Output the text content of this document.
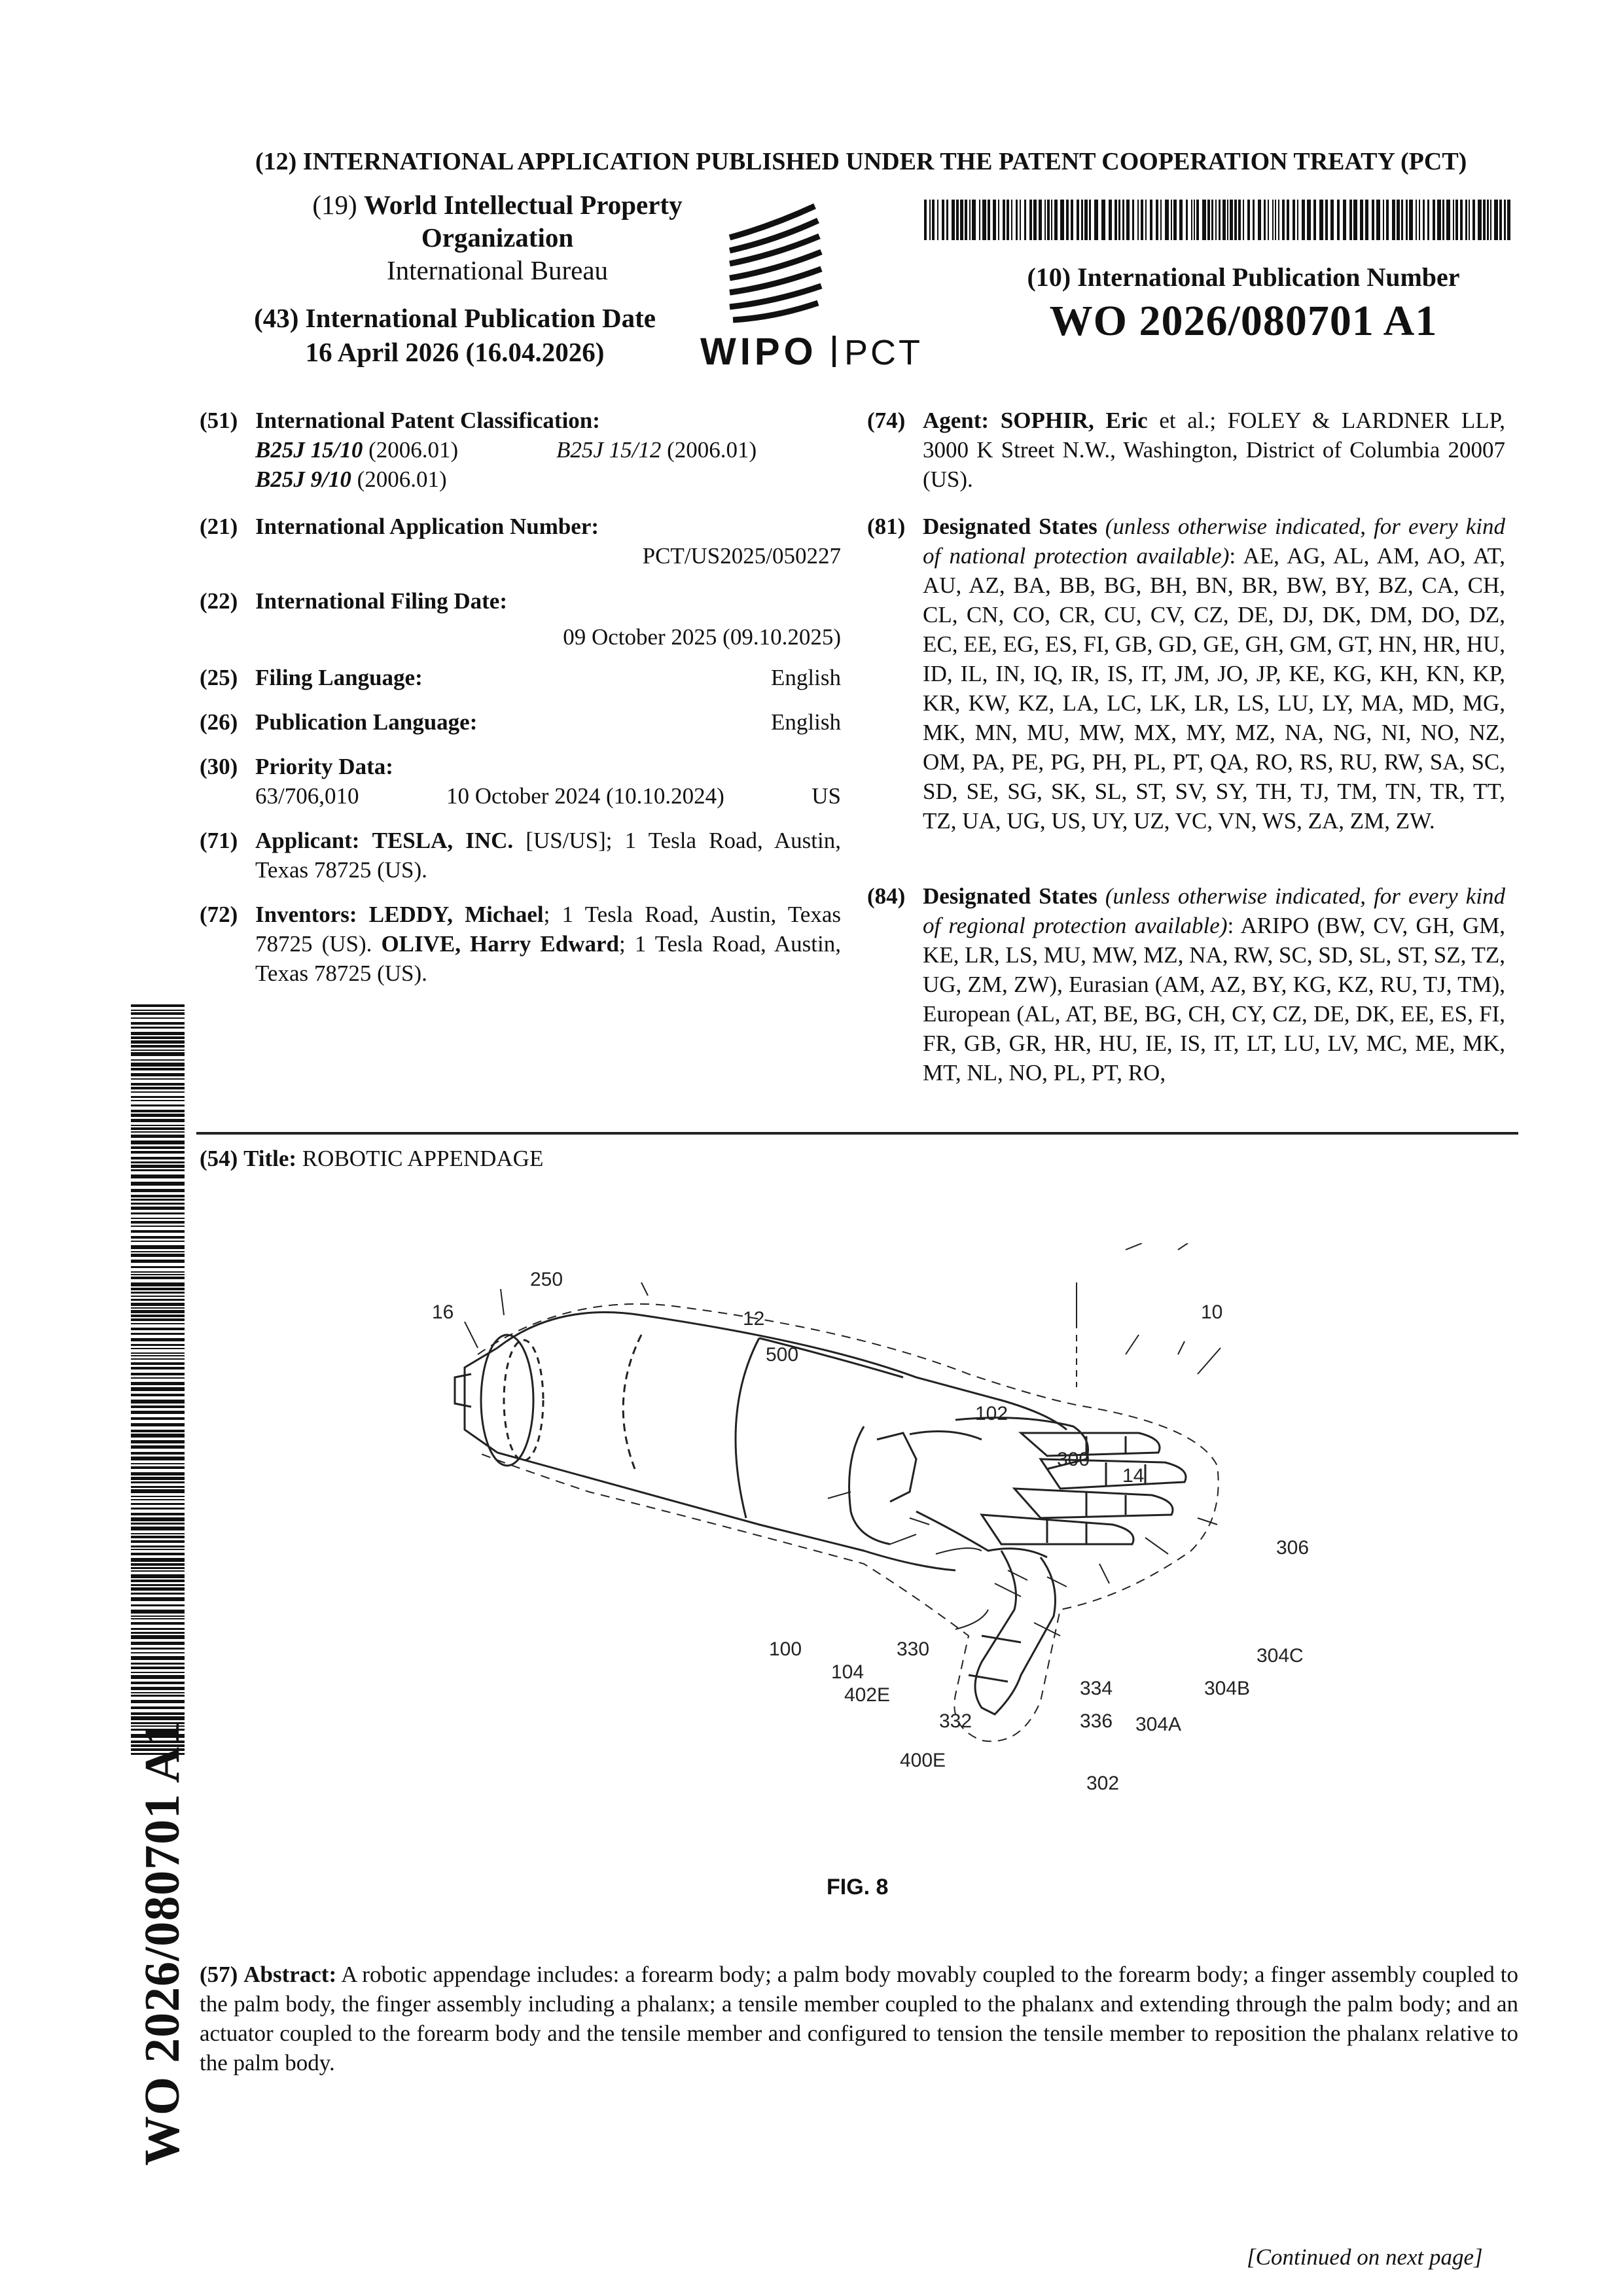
(12) INTERNATIONAL APPLICATION PUBLISHED UNDER THE PATENT COOPERATION TREATY (PCT)
(19) World Intellectual Property
Organization
International Bureau
(43) International Publication Date
16 April 2026 (16.04.2026)	WIPO PCT
(10) International Publication Number
WO 2026/080701 A1
(51) International Patent Classification:
B25J 15/10 (2006.01)	B25J 15/12 (2006.01)
B25J 9/10 (2006.01)
(21) International Application Number:
PCT/US2025/050227
(22) International Filing Date:
09 October 2025 (09.10.2025)
(25) Filing Language:	English
(26) Publication Language:	English
(30) Priority Data:
63/706,010	10 October 2024 (10.10.2024)	US
(71) Applicant: TESLA, INC. [US/US]; 1 Tesla Road, Austin, Texas 78725 (US).
(72) Inventors: LEDDY, Michael; 1 Tesla Road, Austin, Texas 78725 (US). OLIVE, Harry Edward; 1 Tesla Road, Austin, Texas 78725 (US).
(74) Agent: SOPHIR, Eric et al.; FOLEY & LARDNER LLP, 3000 K Street N.W., Washington, District of Columbia 20007 (US).
(81) Designated States (unless otherwise indicated, for every kind of national protection available): AE, AG, AL, AM, AO, AT, AU, AZ, BA, BB, BG, BH, BN, BR, BW, BY, BZ, CA, CH, CL, CN, CO, CR, CU, CV, CZ, DE, DJ, DK, DM, DO, DZ, EC, EE, EG, ES, FI, GB, GD, GE, GH, GM, GT, HN, HR, HU, ID, IL, IN, IQ, IR, IS, IT, JM, JO, JP, KE, KG, KH, KN, KP, KR, KW, KZ, LA, LC, LK, LR, LS, LU, LY, MA, MD, MG, MK, MN, MU, MW, MX, MY, MZ, NA, NG, NI, NO, NZ, OM, PA, PE, PG, PH, PL, PT, QA, RO, RS, RU, RW, SA, SC, SD, SE, SG, SK, SL, ST, SV, SY, TH, TJ, TM, TN, TR, TT, TZ, UA, UG, US, UY, UZ, VC, VN, WS, ZA, ZM, ZW.
(84) Designated States (unless otherwise indicated, for every kind of regional protection available): ARIPO (BW, CV, GH, GM, KE, LR, LS, MU, MW, MZ, NA, RW, SC, SD, SL, ST, SZ, TZ, UG, ZM, ZW), Eurasian (AM, AZ, BY, KG, KZ, RU, TJ, TM), European (AL, AT, BE, BG, CH, CY, CZ, DE, DK, EE, ES, FI, FR, GB, GR, HR, HU, IE, IS, IT, LT, LU, LV, MC, ME, MK, MT, NL, NO, PL, PT, RO,
(54) Title: ROBOTIC APPENDAGE
250
16	12
500
10
102
300
14
306
100	330
104
402E
304C
304B
334
332	336 304A
400E
302
FIG. 8
(57) Abstract: A robotic appendage includes: a forearm body; a palm body movably coupled to the forearm body; a finger assembly coupled to the palm body, the finger assembly including a phalanx; a tensile member coupled to the phalanx and extending through the palm body; and an actuator coupled to the forearm body and the tensile member and configured to tension the tensile member to reposition the phalanx relative to the palm body.
[Continued on next page]
WO 2026/080701 A1
